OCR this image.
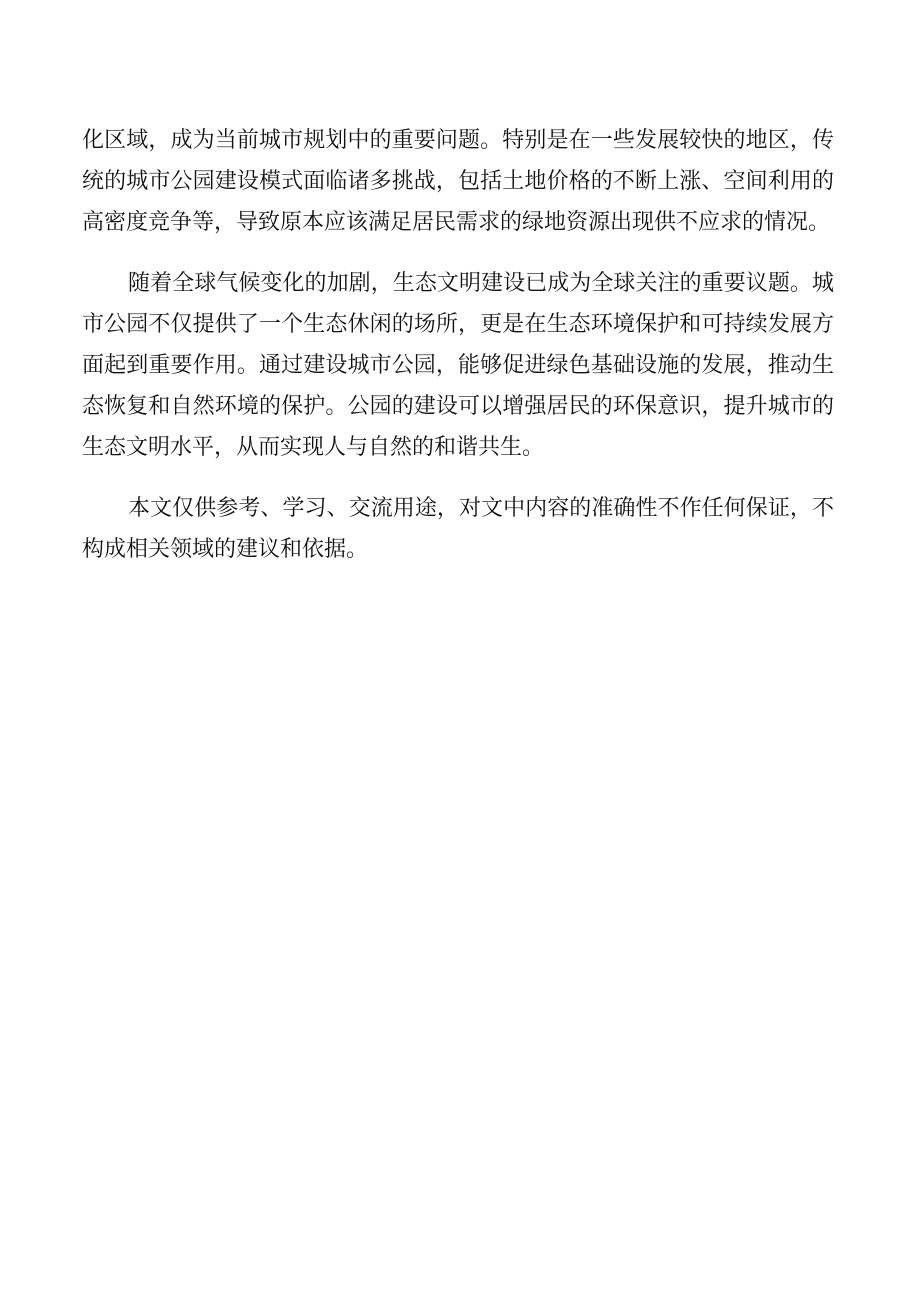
化区域，成为当前城市规划中的重要问题。特别是在一些发展较快的地区，传统的城市公园建设模式面临诸多挑战，包括土地价格的不断上涨、空间利用的高密度竞争等，导致原本应该满足居民需求的绿地资源出现供不应求的情况。

随着全球气候变化的加剧，生态文明建设已成为全球关注的重要议题。城市公园不仅提供了一个生态休闲的场所，更是在生态环境保护和可持续发展方面起到重要作用。通过建设城市公园，能够促进绿色基础设施的发展，推动生态恢复和自然环境的保护。公园的建设可以增强居民的环保意识，提升城市的生态文明水平，从而实现人与自然的和谐共生。

本文仅供参考、学习、交流用途，对文中内容的准确性不作任何保证，不构成相关领域的建议和依据。
